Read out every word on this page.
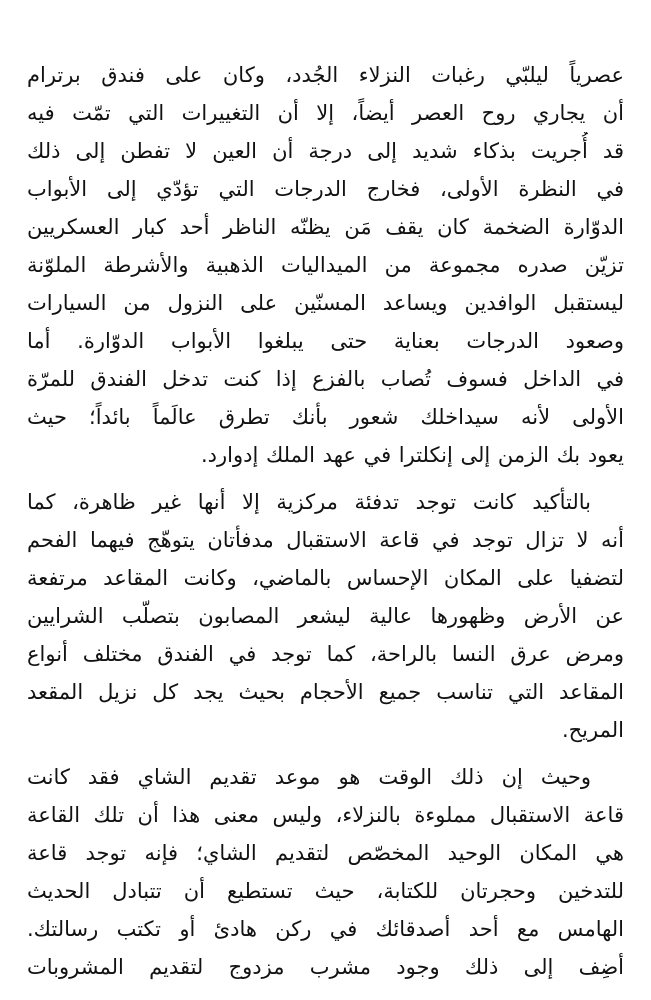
عصرياً ليلبّي رغبات النزلاء الجُدد، وكان على فندق برترام
أن يجاري روح العصر أيضاً، إلا أن التغييرات التي تمّت فيه
قد أُجريت بذكاء شديد إلى درجة أن العين لا تفطن إلى ذلك
في النظرة الأولى، فخارج الدرجات التي تؤدّي إلى الأبواب
الدوّارة الضخمة كان يقف مَن يظنّه الناظر أحد كبار العسكريين
تزيّن صدره مجموعة من الميداليات الذهبية والأشرطة الملوّنة
ليستقبل الوافدين ويساعد المسنّين على النزول من السيارات
وصعود الدرجات بعناية حتى يبلغوا الأبواب الدوّارة. أما
في الداخل فسوف تُصاب بالفزع إذا كنت تدخل الفندق للمرّة
الأولى لأنه سيداخلك شعور بأنك تطرق عالَماً بائداً؛ حيث
يعود بك الزمن إلى إنكلترا في عهد الملك إدوارد.
بالتأكيد كانت توجد تدفئة مركزية إلا أنها غير ظاهرة، كما
أنه لا تزال توجد في قاعة الاستقبال مدفأتان يتوهّج فيهما الفحم
لتضفيا على المكان الإحساس بالماضي، وكانت المقاعد مرتفعة
عن الأرض وظهورها عالية ليشعر المصابون بتصلّب الشرايين
ومرض عرق النسا بالراحة، كما توجد في الفندق مختلف أنواع
المقاعد التي تناسب جميع الأحجام بحيث يجد كل نزيل المقعد
المريح.
وحيث إن ذلك الوقت هو موعد تقديم الشاي فقد كانت
قاعة الاستقبال مملوءة بالنزلاء، وليس معنى هذا أن تلك القاعة
هي المكان الوحيد المخصّص لتقديم الشاي؛ فإنه توجد قاعة
للتدخين وحجرتان للكتابة، حيث تستطيع أن تتبادل الحديث
الهامس مع أحد أصدقائك في ركن هادئ أو تكتب رسالتك.
أضِف إلى ذلك وجود مشرب مزدوج لتقديم المشروبات
